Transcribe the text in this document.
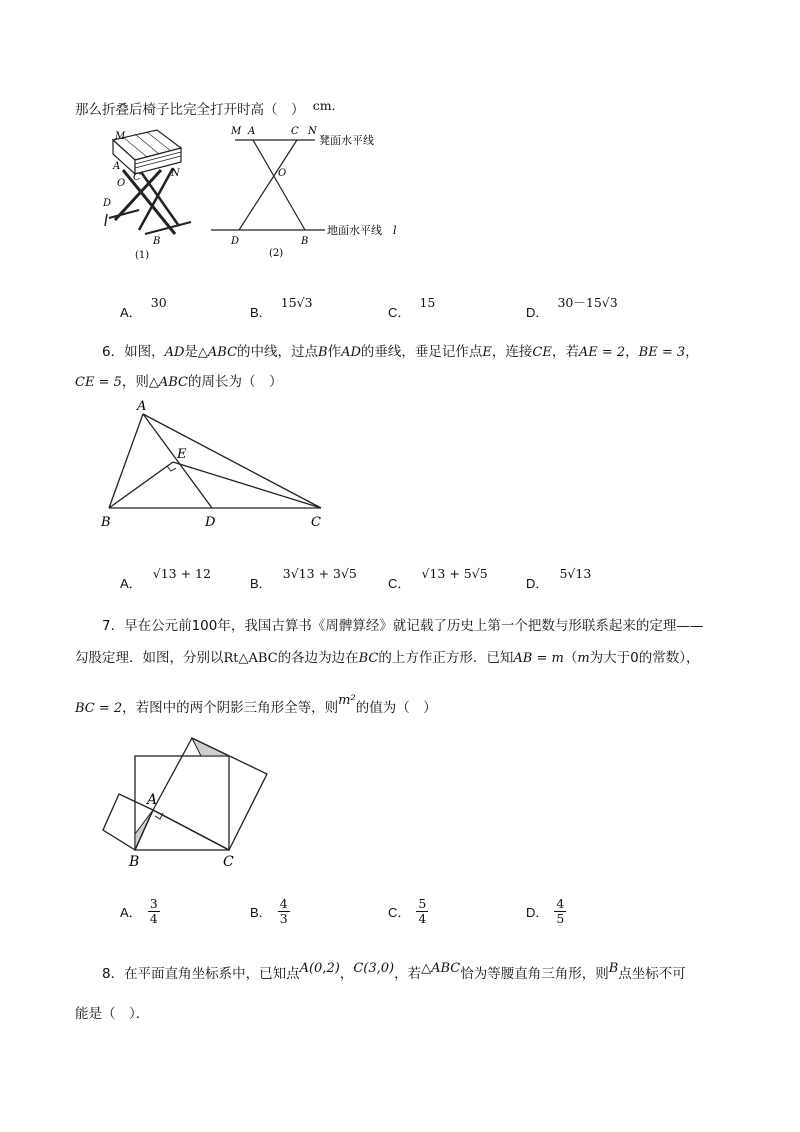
那么折叠后椅子比完全打开时高（　） cm．
M
A
C
O
N
D
B
(1)
M A	C N
O
D	B
凳面水平线
地面水平线 l
(2)
$_{A.}$ 30
$_{B.}$ 15√3
$_{C.}$ 15
$_{D.}$ 30－15√3
6．如图，AD是△ABC的中线，过点B作AD的垂线，垂足记作点E，连接CE，若AE = 2，BE = 3，
CE = 5，则△ABC的周长为（　）
A
E
B	D	C
$_{A.}$ √13 + 12
$_{B.}$ 3√13 + 3√5
$_{C.}$ √13 + 5√5
$_{D.}$ 5√13
7．早在公元前100年，我国古算书《周髀算经》就记载了历史上第一个把数与形联系起来的定理——
勾股定理．如图，分别以Rt△ABC的各边为边在BC的上方作正方形．已知AB = m（m为大于0的常数），
BC = 2，若图中的两个阴影三角形全等，则m²的值为（　）
A
B	C
A． $\frac{3}{4}$	B． $\frac{4}{3}$	C． $\frac{5}{4}$	D． $\frac{4}{5}$
8．在平面直角坐标系中，已知点A(0,2)，C(3,0)，若△ABC恰为等腰直角三角形，则B点坐标不可
能是（　）．
